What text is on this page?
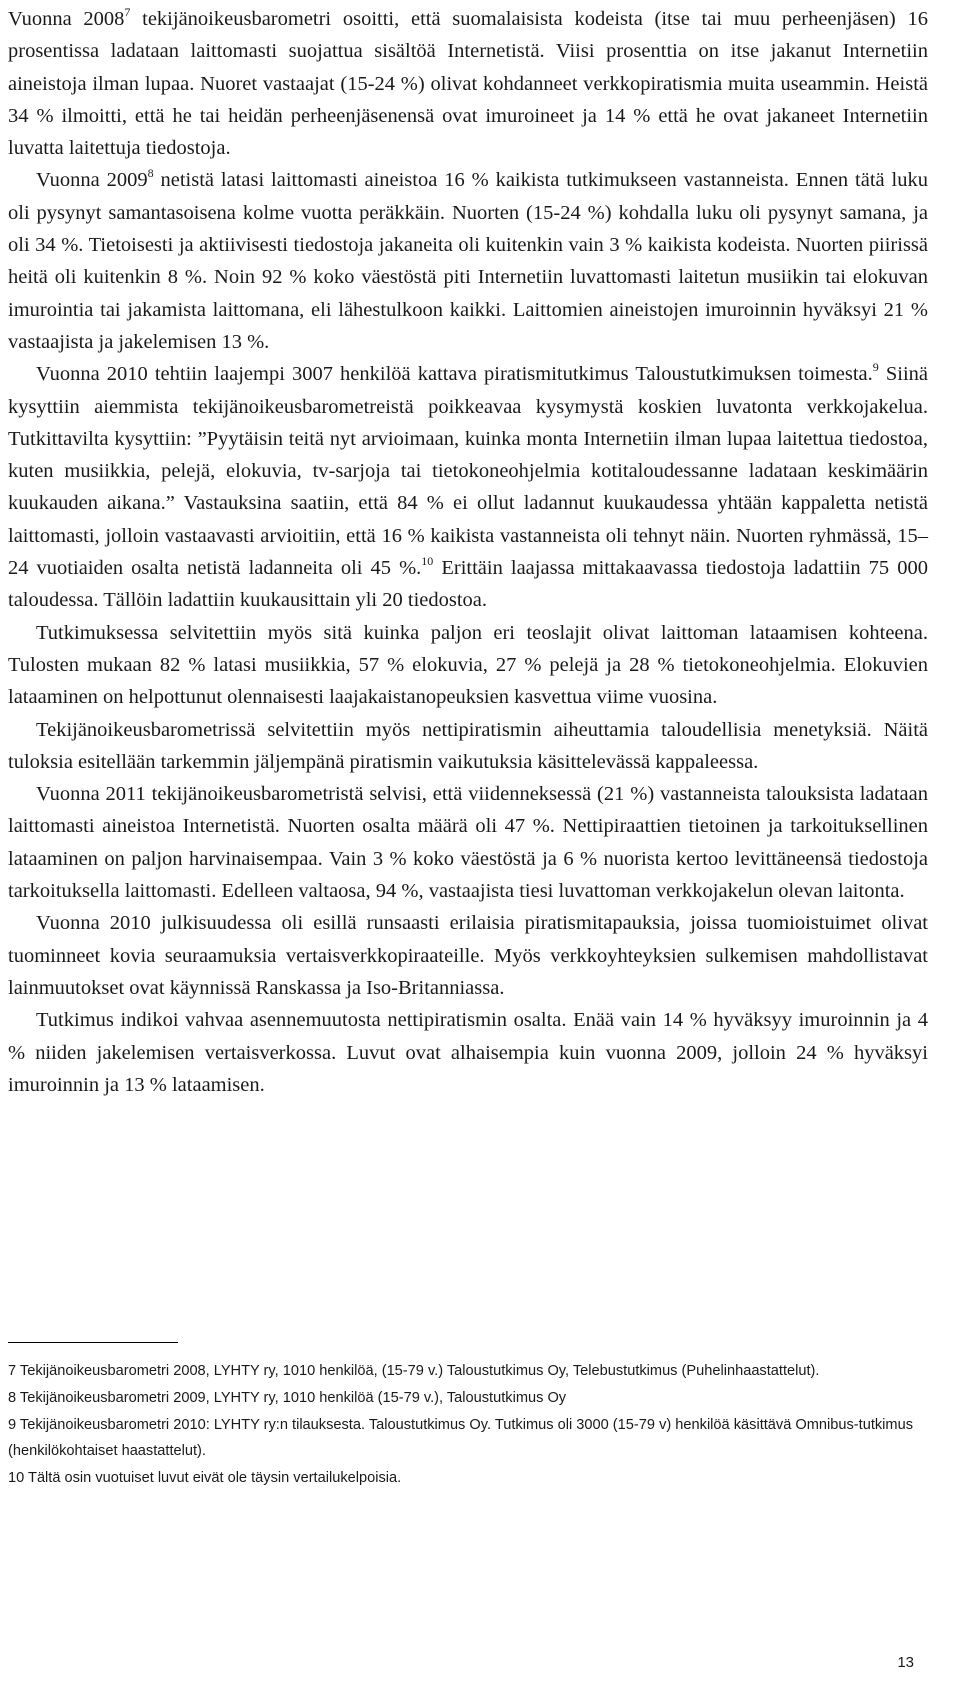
Vuonna 2008$^7$ tekijänoikeusbarometri osoitti, että suomalaisista kodeista (itse tai muu perheenjäsen) 16 prosentissa ladataan laittomasti suojattua sisältöä Internetistä. Viisi prosenttia on itse jakanut Internetiin aineistoja ilman lupaa. Nuoret vastaajat (15-24 %) olivat kohdanneet verkkopiratismia muita useammin. Heistä 34 % ilmoitti, että he tai heidän perheenjäsenensä ovat imuroineet ja 14 % että he ovat jakaneet Internetiin luvatta laitettuja tiedostoja.

Vuonna 2009$^8$ netistä latasi laittomasti aineistoa 16 % kaikista tutkimukseen vastanneista. Ennen tätä luku oli pysynyt samantasoisena kolme vuotta peräkkäin. Nuorten (15-24 %) kohdalla luku oli pysynyt samana, ja oli 34 %. Tietoisesti ja aktiivisesti tiedostoja jakaneita oli kuitenkin vain 3 % kaikista kodeista. Nuorten piirissä heitä oli kuitenkin 8 %. Noin 92 % koko väestöstä piti Internetiin luvattomasti laitetun musiikin tai elokuvan imurointia tai jakamista laittomana, eli lähestulkoon kaikki. Laittomien aineistojen imuroinnin hyväksyi 21 % vastaajista ja jakelemisen 13 %.

Vuonna 2010 tehtiin laajempi 3007 henkilöä kattava piratismitutkimus Taloustutkimuksen toimesta.$^9$ Siinä kysyttiin aiemmista tekijänoikeusbarometreistä poikkeavaa kysymystä koskien luvatonta verkkojakelua. Tutkittavilta kysyttiin: ”Pyytäisin teitä nyt arvioimaan, kuinka monta Internetiin ilman lupaa laitettua tiedostoa, kuten musiikkia, pelejä, elokuvia, tv-sarjoja tai tietokoneohjelmia kotitaloudessanne ladataan keskimäärin kuukauden aikana.” Vastauksina saatiin, että 84 % ei ollut ladannut kuukaudessa yhtään kappaletta netistä laittomasti, jolloin vastaavasti arvioitiin, että 16 % kaikista vastanneista oli tehnyt näin. Nuorten ryhmässä, 15–24 vuotiaiden osalta netistä ladanneita oli 45 %.$^{10}$ Erittäin laajassa mittakaavassa tiedostoja ladattiin 75 000 taloudessa. Tällöin ladattiin kuukausittain yli 20 tiedostoa.

Tutkimuksessa selvitettiin myös sitä kuinka paljon eri teoslajit olivat laittoman lataamisen kohteena. Tulosten mukaan 82 % latasi musiikkia, 57 % elokuvia, 27 % pelejä ja 28 % tietokoneohjelmia. Elokuvien lataaminen on helpottunut olennaisesti laajakaistanopeuksien kasvettua viime vuosina.

Tekijänoikeusbarometrissä selvitettiin myös nettipiratismin aiheuttamia taloudellisia menetyksiä. Näitä tuloksia esitellään tarkemmin jäljempänä piratismin vaikutuksia käsittelevässä kappaleessa.

Vuonna 2011 tekijänoikeusbarometristä selvisi, että viidenneksessä (21 %) vastanneista talouksista ladataan laittomasti aineistoa Internetistä. Nuorten osalta määrä oli 47 %. Nettipiraattien tietoinen ja tarkoituksellinen lataaminen on paljon harvinaisempaa. Vain 3 % koko väestöstä ja 6 % nuorista kertoo levittäneensä tiedostoja tarkoituksella laittomasti. Edelleen valtaosa, 94 %, vastaajista tiesi luvattoman verkkojakelun olevan laitonta.

Vuonna 2010 julkisuudessa oli esillä runsaasti erilaisia piratismitapauksia, joissa tuomioistuimet olivat tuominneet kovia seuraamuksia vertaisverkkopiraateille. Myös verkkoyhteyksien sulkemisen mahdollistavat lainmuutokset ovat käynnissä Ranskassa ja Iso-Britanniassa.

Tutkimus indikoi vahvaa asennemuutosta nettipiratismin osalta. Enää vain 14 % hyväksyy imuroinnin ja 4 % niiden jakelemisen vertaisverkossa. Luvut ovat alhaisempia kuin vuonna 2009, jolloin 24 % hyväksyi imuroinnin ja 13 % lataamisen.

7 Tekijänoikeusbarometri 2008, LYHTY ry, 1010 henkilöä, (15-79 v.) Taloustutkimus Oy, Telebustutkimus (Puhelinhaastattelut).

8 Tekijänoikeusbarometri 2009, LYHTY ry, 1010 henkilöä (15-79 v.), Taloustutkimus Oy

9 Tekijänoikeusbarometri 2010: LYHTY ry:n tilauksesta. Taloustutkimus Oy. Tutkimus oli 3000 (15-79 v) henkilöä käsittävä Omnibus-tutkimus (henkilökohtaiset haastattelut).

10 Tältä osin vuotuiset luvut eivät ole täysin vertailukelpoisia.

13
